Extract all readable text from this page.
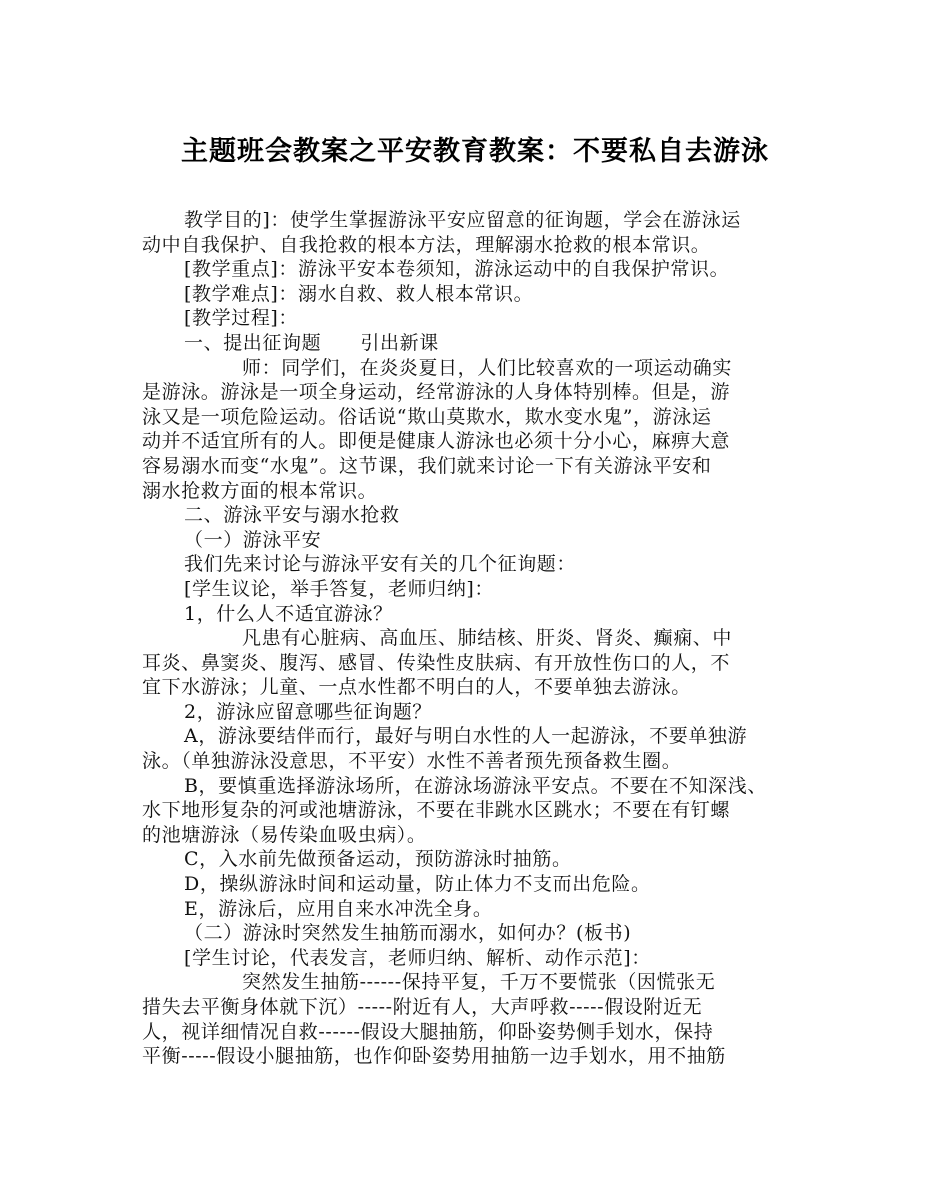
主题班会教案之平安教育教案：不要私自去游泳

教学目的]：使学生掌握游泳平安应留意的征询题，学会在游泳运

动中自我保护、自我抢救的根本方法，理解溺水抢救的根本常识。

[教学重点]：游泳平安本卷须知，游泳运动中的自我保护常识。

[教学难点]：溺水自救、救人根本常识。

[教学过程]：

一、提出征询题　　引出新课

师：同学们，在炎炎夏日，人们比较喜欢的一项运动确实

是游泳。游泳是一项全身运动，经常游泳的人身体特别棒。但是，游

泳又是一项危险运动。俗话说“欺山莫欺水，欺水变水鬼”，游泳运

动并不适宜所有的人。即便是健康人游泳也必须十分小心，麻痹大意

容易溺水而变“水鬼”。这节课，我们就来讨论一下有关游泳平安和

溺水抢救方面的根本常识。

二、游泳平安与溺水抢救

（一）游泳平安

我们先来讨论与游泳平安有关的几个征询题：

[学生议论，举手答复，老师归纳]：

1，什么人不适宜游泳？

凡患有心脏病、高血压、肺结核、肝炎、肾炎、癫痫、中

耳炎、鼻窦炎、腹泻、感冒、传染性皮肤病、有开放性伤口的人，不

宜下水游泳；儿童、一点水性都不明白的人，不要单独去游泳。

2，游泳应留意哪些征询题？

A，游泳要结伴而行，最好与明白水性的人一起游泳，不要单独游

泳。（单独游泳没意思，不平安）水性不善者预先预备救生圈。

B，要慎重选择游泳场所，在游泳场游泳平安点。不要在不知深浅、

水下地形复杂的河或池塘游泳，不要在非跳水区跳水；不要在有钉螺

的池塘游泳（易传染血吸虫病）。

C，入水前先做预备运动，预防游泳时抽筋。

D，操纵游泳时间和运动量，防止体力不支而出危险。

E，游泳后，应用自来水冲洗全身。

（二）游泳时突然发生抽筋而溺水，如何办？(板书)

[学生讨论，代表发言，老师归纳、解析、动作示范]：

突然发生抽筋------保持平复，千万不要慌张（因慌张无

措失去平衡身体就下沉）-----附近有人，大声呼救-----假设附近无

人，视详细情况自救------假设大腿抽筋，仰卧姿势侧手划水，保持

平衡-----假设小腿抽筋，也作仰卧姿势用抽筋一边手划水，用不抽筋
